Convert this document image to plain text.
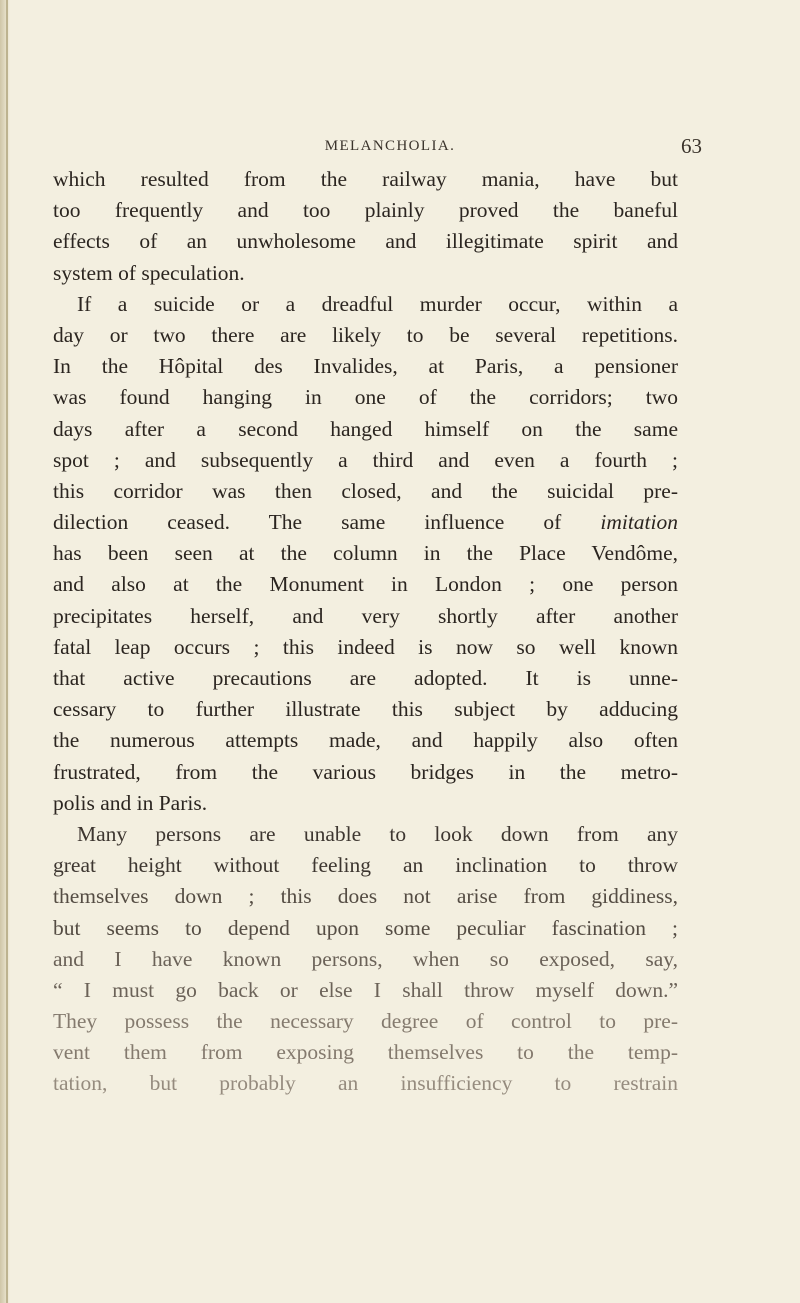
MELANCHOLIA.	63
which resulted from the railway mania, have but
too frequently and too plainly proved the baneful
effects of an unwholesome and illegitimate spirit and
system of speculation.
If a suicide or a dreadful murder occur, within a
day or two there are likely to be several repetitions.
In the Hôpital des Invalides, at Paris, a pensioner
was found hanging in one of the corridors; two
days after a second hanged himself on the same
spot ; and subsequently a third and even a fourth ;
this corridor was then closed, and the suicidal pre-
dilection ceased. The same influence of imitation
has been seen at the column in the Place Vendôme,
and also at the Monument in London ; one person
precipitates herself, and very shortly after another
fatal leap occurs ; this indeed is now so well known
that active precautions are adopted. It is unne-
cessary to further illustrate this subject by adducing
the numerous attempts made, and happily also often
frustrated, from the various bridges in the metro-
polis and in Paris.
Many persons are unable to look down from any
great height without feeling an inclination to throw
themselves down ; this does not arise from giddiness,
but seems to depend upon some peculiar fascination ;
and I have known persons, when so exposed, say,
“ I must go back or else I shall throw myself down.”
They possess the necessary degree of control to pre-
vent them from exposing themselves to the temp-
tation, but probably an insufficiency to restrain
